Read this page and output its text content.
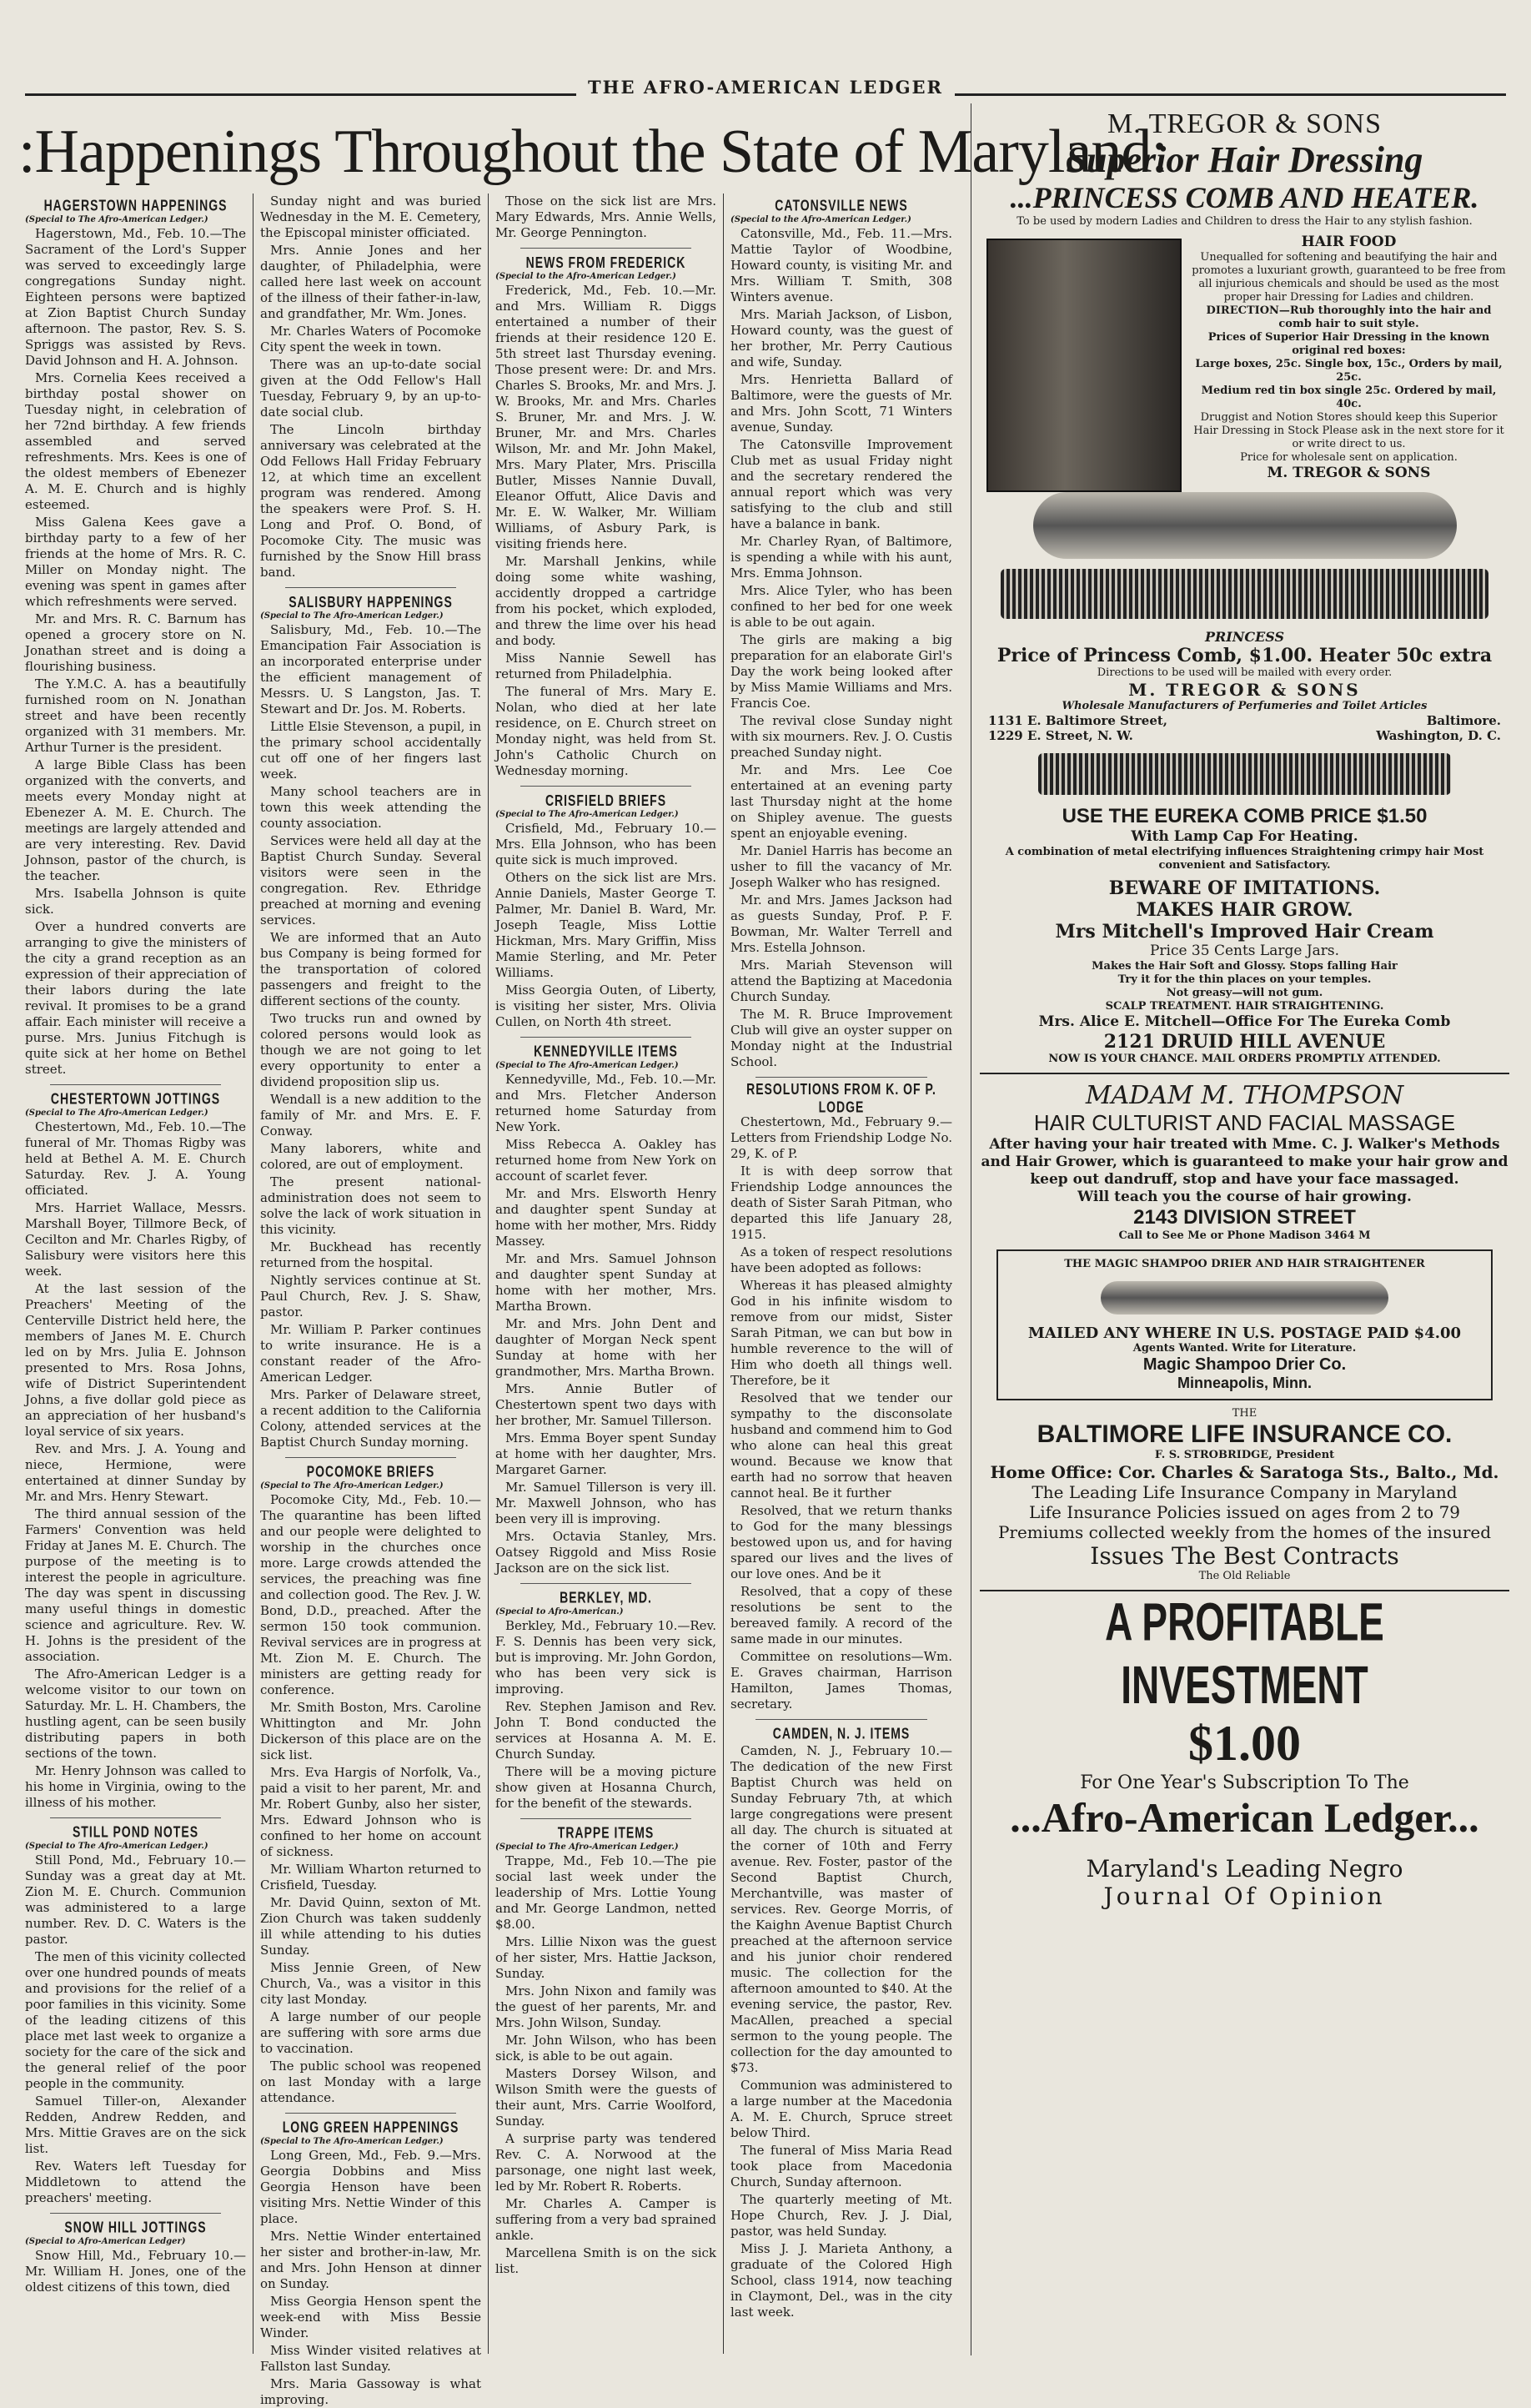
THE AFRO-AMERICAN LEDGER
:Happenings Throughout the State of Maryland:
HAGERSTOWN HAPPENINGS
(Special to The Afro-American Ledger.)

Hagerstown, Md., Feb. 10.—The Sacrament of the Lord's Supper was served to exceedingly large congregations Sunday night. Eighteen persons were baptized at Zion Baptist Church Sunday afternoon. The pastor, Rev. S. S. Spriggs was assisted by Revs. David Johnson and H. A. Johnson.

Mrs. Cornelia Kees received a birthday postal shower on Tuesday night, in celebration of her 72nd birthday. A few friends assembled and served refreshments. Mrs. Kees is one of the oldest members of Ebenezer A. M. E. Church and is highly esteemed.

Miss Galena Kees gave a birthday party to a few of her friends at the home of Mrs. R. C. Miller on Monday night. The evening was spent in games after which refreshments were served.

Mr. and Mrs. R. C. Barnum has opened a grocery store on N. Jonathan street and is doing a flourishing business.

The Y.M.C. A. has a beautifully furnished room on N. Jonathan street and have been recently organized with 31 members. Mr. Arthur Turner is the president.

A large Bible Class has been organized with the converts, and meets every Monday night at Ebenezer A. M. E. Church. The meetings are largely attended and are very interesting. Rev. David Johnson, pastor of the church, is the teacher.

Mrs. Isabella Johnson is quite sick.

Over a hundred converts are arranging to give the ministers of the city a grand reception as an expression of their appreciation of their labors during the late revival. It promises to be a grand affair. Each minister will receive a purse. Mrs. Junius Fitchugh is quite sick at her home on Bethel street.

CHESTERTOWN JOTTINGS
(Special to The Afro-American Ledger.)

Chestertown, Md., Feb. 10.—The funeral of Mr. Thomas Rigby was held at Bethel A. M. E. Church Saturday. Rev. J. A. Young officiated.

Mrs. Harriet Wallace, Messrs. Marshall Boyer, Tillmore Beck, of Cecilton and Mr. Charles Rigby, of Salisbury were visitors here this week.

At the last session of the Preachers' Meeting of the Centerville District held here, the members of Janes M. E. Church led on by Mrs. Julia E. Johnson presented to Mrs. Rosa Johns, wife of District Superintendent Johns, a five dollar gold piece as an appreciation of her husband's loyal service of six years.

Rev. and Mrs. J. A. Young and niece, Hermione, were entertained at dinner Sunday by Mr. and Mrs. Henry Stewart.

The third annual session of the Farmers' Convention was held Friday at Janes M. E. Church. The purpose of the meeting is to interest the people in agriculture. The day was spent in discussing many useful things in domestic science and agriculture. Rev. W. H. Johns is the president of the association.

The Afro-American Ledger is a welcome visitor to our town on Saturday. Mr. L. H. Chambers, the hustling agent, can be seen busily distributing papers in both sections of the town.

Mr. Henry Johnson was called to his home in Virginia, owing to the illness of his mother.

STILL POND NOTES
(Special to The Afro-American Ledger.)

Still Pond, Md., February 10.—Sunday was a great day at Mt. Zion M. E. Church. Communion was administered to a large number. Rev. D. C. Waters is the pastor.

The men of this vicinity collected over one hundred pounds of meats and provisions for the relief of a poor families in this vicinity. Some of the leading citizens of this place met last week to organize a society for the care of the sick and the general relief of the poor people in the community.

Samuel Tiller-on, Alexander Redden, Andrew Redden, and Mrs. Mittie Graves are on the sick list.

Rev. Waters left Tuesday for Middletown to attend the preachers' meeting.

SNOW HILL JOTTINGS
(Special to Afro-American Ledger)

Snow Hill, Md., February 10.—Mr. William H. Jones, one of the oldest citizens of this town, died

Sunday night and was buried Wednesday in the M. E. Cemetery, the Episcopal minister officiated.

Mrs. Annie Jones and her daughter, of Philadelphia, were called here last week on account of the illness of their father-in-law, and grandfather, Mr. Wm. Jones.

Mr. Charles Waters of Pocomoke City spent the week in town.

There was an up-to-date social given at the Odd Fellow's Hall Tuesday, February 9, by an up-to-date social club.

The Lincoln birthday anniversary was celebrated at the Odd Fellows Hall Friday February 12, at which time an excellent program was rendered. Among the speakers were Prof. S. H. Long and Prof. O. Bond, of Pocomoke City. The music was furnished by the Snow Hill brass band.

SALISBURY HAPPENINGS
(Special to The Afro-American Ledger.)

Salisbury, Md., Feb. 10.—The Emancipation Fair Association is an incorporated enterprise under the efficient management of Messrs. U. S Langston, Jas. T. Stewart and Dr. Jos. M. Roberts.

Little Elsie Stevenson, a pupil, in the primary school accidentally cut off one of her fingers last week.

Many school teachers are in town this week attending the county association.

Services were held all day at the Baptist Church Sunday. Several visitors were seen in the congregation. Rev. Ethridge preached at morning and evening services.

We are informed that an Auto bus Company is being formed for the transportation of colored passengers and freight to the different sections of the county.

Two trucks run and owned by colored persons would look as though we are not going to let every opportunity to enter a dividend proposition slip us.

Wendall is a new addition to the family of Mr. and Mrs. E. F. Conway.

Many laborers, white and colored, are out of employment.

The present national-administration does not seem to solve the lack of work situation in this vicinity.

Mr. Buckhead has recently returned from the hospital.

Nightly services continue at St. Paul Church, Rev. J. S. Shaw, pastor.

Mr. William P. Parker continues to write insurance. He is a constant reader of the Afro-American Ledger.

Mrs. Parker of Delaware street, a recent addition to the California Colony, attended services at the Baptist Church Sunday morning.

POCOMOKE BRIEFS
(Special to The Afro-American Ledger.)

Pocomoke City, Md., Feb. 10.—The quarantine has been lifted and our people were delighted to worship in the churches once more. Large crowds attended the services, the preaching was fine and collection good. The Rev. J. W. Bond, D.D., preached. After the sermon 150 took communion. Revival services are in progress at Mt. Zion M. E. Church. The ministers are getting ready for conference.

Mr. Smith Boston, Mrs. Caroline Whittington and Mr. John Dickerson of this place are on the sick list.

Mrs. Eva Hargis of Norfolk, Va., paid a visit to her parent, Mr. and Mr. Robert Gunby, also her sister, Mrs. Edward Johnson who is confined to her home on account of sickness.

Mr. William Wharton returned to Crisfield, Tuesday.

Mr. David Quinn, sexton of Mt. Zion Church was taken suddenly ill while attending to his duties Sunday.

Miss Jennie Green, of New Church, Va., was a visitor in this city last Monday.

A large number of our people are suffering with sore arms due to vaccination.

The public school was reopened on last Monday with a large attendance.

LONG GREEN HAPPENINGS
(Special to The Afro-American Ledger.)

Long Green, Md., Feb. 9.—Mrs. Georgia Dobbins and Miss Georgia Henson have been visiting Mrs. Nettie Winder of this place.

Mrs. Nettie Winder entertained her sister and brother-in-law, Mr. and Mrs. John Henson at dinner on Sunday.

Miss Georgia Henson spent the week-end with Miss Bessie Winder.

Miss Winder visited relatives at Fallston last Sunday.

Mrs. Maria Gassoway is what improving.

Those on the sick list are Mrs. Mary Edwards, Mrs. Annie Wells, Mr. George Pennington.

NEWS FROM FREDERICK
(Special to the Afro-American Ledger.)

Frederick, Md., Feb. 10.—Mr. and Mrs. William R. Diggs entertained a number of their friends at their residence 120 E. 5th street last Thursday evening. Those present were: Dr. and Mrs. Charles S. Brooks, Mr. and Mrs. J. W. Brooks, Mr. and Mrs. Charles S. Bruner, Mr. and Mrs. J. W. Bruner, Mr. and Mrs. Charles Wilson, Mr. and Mr. John Makel, Mrs. Mary Plater, Mrs. Priscilla Butler, Misses Nannie Duvall, Eleanor Offutt, Alice Davis and Mr. E. W. Walker, Mr. William Williams, of Asbury Park, is visiting friends here.

Mr. Marshall Jenkins, while doing some white washing, accidently dropped a cartridge from his pocket, which exploded, and threw the lime over his head and body.

Miss Nannie Sewell has returned from Philadelphia.

The funeral of Mrs. Mary E. Nolan, who died at her late residence, on E. Church street on Monday night, was held from St. John's Catholic Church on Wednesday morning.

CRISFIELD BRIEFS
(Special to The Afro-American Ledger.)

Crisfield, Md., February 10.—Mrs. Ella Johnson, who has been quite sick is much improved.

Others on the sick list are Mrs. Annie Daniels, Master George T. Palmer, Mr. Daniel B. Ward, Mr. Joseph Teagle, Miss Lottie Hickman, Mrs. Mary Griffin, Miss Mamie Sterling, and Mr. Peter Williams.

Miss Georgia Outen, of Liberty, is visiting her sister, Mrs. Olivia Cullen, on North 4th street.

KENNEDYVILLE ITEMS
(Special to The Afro-American Ledger.)

Kennedyville, Md., Feb. 10.—Mr. and Mrs. Fletcher Anderson returned home Saturday from New York.

Miss Rebecca A. Oakley has returned home from New York on account of scarlet fever.

Mr. and Mrs. Elsworth Henry and daughter spent Sunday at home with her mother, Mrs. Riddy Massey.

Mr. and Mrs. Samuel Johnson and daughter spent Sunday at home with her mother, Mrs. Martha Brown.

Mr. and Mrs. John Dent and daughter of Morgan Neck spent Sunday at home with her grandmother, Mrs. Martha Brown.

Mrs. Annie Butler of Chestertown spent two days with her brother, Mr. Samuel Tillerson.

Mrs. Emma Boyer spent Sunday at home with her daughter, Mrs. Margaret Garner.

Mr. Samuel Tillerson is very ill. Mr. Maxwell Johnson, who has been very ill is improving.

Mrs. Octavia Stanley, Mrs. Oatsey Riggold and Miss Rosie Jackson are on the sick list.

BERKLEY, MD.
(Special to Afro-American.)

Berkley, Md., February 10.—Rev. F. S. Dennis has been very sick, but is improving. Mr. John Gordon, who has been very sick is improving.

Rev. Stephen Jamison and Rev. John T. Bond conducted the services at Hosanna A. M. E. Church Sunday.

There will be a moving picture show given at Hosanna Church, for the benefit of the stewards.

TRAPPE ITEMS
(Special to The Afro-American Ledger.)

Trappe, Md., Feb 10.—The pie social last week under the leadership of Mrs. Lottie Young and Mr. George Landmon, netted $8.00.

Mrs. Lillie Nixon was the guest of her sister, Mrs. Hattie Jackson, Sunday.

Mrs. John Nixon and family was the guest of her parents, Mr. and Mrs. John Wilson, Sunday.

Mr. John Wilson, who has been sick, is able to be out again.

Masters Dorsey Wilson, and Wilson Smith were the guests of their aunt, Mrs. Carrie Woolford, Sunday.

A surprise party was tendered Rev. C. A. Norwood at the parsonage, one night last week, led by Mr. Robert R. Roberts.

Mr. Charles A. Camper is suffering from a very bad sprained ankle.

Marcellena Smith is on the sick list.

CATONSVILLE NEWS
(Special to the Afro-American Ledger.)

Catonsville, Md., Feb. 11.—Mrs. Mattie Taylor of Woodbine, Howard county, is visiting Mr. and Mrs. William T. Smith, 308 Winters avenue.

Mrs. Mariah Jackson, of Lisbon, Howard county, was the guest of her brother, Mr. Perry Cautious and wife, Sunday.

Mrs. Henrietta Ballard of Baltimore, were the guests of Mr. and Mrs. John Scott, 71 Winters avenue, Sunday.

The Catonsville Improvement Club met as usual Friday night and the secretary rendered the annual report which was very satisfying to the club and still have a balance in bank.

Mr. Charley Ryan, of Baltimore, is spending a while with his aunt, Mrs. Emma Johnson.

Mrs. Alice Tyler, who has been confined to her bed for one week is able to be out again.

The girls are making a big preparation for an elaborate Girl's Day the work being looked after by Miss Mamie Williams and Mrs. Francis Coe.

The revival close Sunday night with six mourners. Rev. J. O. Custis preached Sunday night.

Mr. and Mrs. Lee Coe entertained at an evening party last Thursday night at the home on Shipley avenue. The guests spent an enjoyable evening.

Mr. Daniel Harris has become an usher to fill the vacancy of Mr. Joseph Walker who has resigned.

Mr. and Mrs. James Jackson had as guests Sunday, Prof. P. F. Bowman, Mr. Walter Terrell and Mrs. Estella Johnson.

Mrs. Mariah Stevenson will attend the Baptizing at Macedonia Church Sunday.

The M. R. Bruce Improvement Club will give an oyster supper on Monday night at the Industrial School.

RESOLUTIONS FROM K. OF P. LODGE

Chestertown, Md., February 9.—Letters from Friendship Lodge No. 29, K. of P.

It is with deep sorrow that Friendship Lodge announces the death of Sister Sarah Pitman, who departed this life January 28, 1915.

As a token of respect resolutions have been adopted as follows:

Whereas it has pleased almighty God in his infinite wisdom to remove from our midst, Sister Sarah Pitman, we can but bow in humble reverence to the will of Him who doeth all things well. Therefore, be it

Resolved that we tender our sympathy to the disconsolate husband and commend him to God who alone can heal this great wound. Because we know that earth had no sorrow that heaven cannot heal. Be it further

Resolved, that we return thanks to God for the many blessings bestowed upon us, and for having spared our lives and the lives of our love ones. And be it

Resolved, that a copy of these resolutions be sent to the bereaved family. A record of the same made in our minutes.

Committee on resolutions—Wm. E. Graves chairman, Harrison Hamilton, James Thomas, secretary.

CAMDEN, N. J. ITEMS

Camden, N. J., February 10.—The dedication of the new First Baptist Church was held on Sunday February 7th, at which large congregations were present all day. The church is situated at the corner of 10th and Ferry avenue. Rev. Foster, pastor of the Second Baptist Church, Merchantville, was master of services. Rev. George Morris, of the Kaighn Avenue Baptist Church preached at the afternoon service and his junior choir rendered music. The collection for the afternoon amounted to $40. At the evening service, the pastor, Rev. MacAllen, preached a special sermon to the young people. The collection for the day amounted to $73.

Communion was administered to a large number at the Macedonia A. M. E. Church, Spruce street below Third.

The funeral of Miss Maria Read took place from Macedonia Church, Sunday afternoon.

The quarterly meeting of Mt. Hope Church, Rev. J. J. Dial, pastor, was held Sunday.

Miss J. J. Marieta Anthony, a graduate of the Colored High School, class 1914, now teaching in Claymont, Del., was in the city last week.

M. TREGOR & SONS
Superior Hair Dressing
...PRINCESS COMB AND HEATER.
To be used by modern Ladies and Children to dress the Hair to any stylish fashion.
HAIR FOOD
Unequalled for softening and beautifying the hair and promotes a luxuriant growth, guaranteed to be free from all injurious chemicals and should be used as the most proper hair Dressing for Ladies and children.
DIRECTION—Rub thoroughly into the hair and comb hair to suit style.
Prices of Superior Hair Dressing in the known original red boxes:
Large boxes, 25c. Single box, 15c., Orders by mail, 25c.
Medium red tin box single 25c. Ordered by mail, 40c.
Druggist and Notion Stores should keep this Superior Hair Dressing in Stock Please ask in the next store for it or write direct to us.
Price for wholesale sent on application.
M. TREGOR & SONS
PRINCESS
Price of Princess Comb, $1.00. Heater 50c extra
Directions to be used will be mailed with every order.
M. TREGOR & SONS
Wholesale Manufacturers of Perfumeries and Toilet Articles
1131 E. Baltimore Street,	Baltimore.
1229 E. Street, N. W.	Washington, D. C.
USE THE EUREKA COMB PRICE $1.50
With Lamp Cap For Heating.
A combination of metal electrifying influences Straightening crimpy hair Most convenient and Satisfactory.
BEWARE OF IMITATIONS.
MAKES HAIR GROW.
Mrs Mitchell's Improved Hair Cream
Price 35 Cents Large Jars.
Makes the Hair Soft and Glossy. Stops falling Hair
Try it for the thin places on your temples.
Not greasy—will not gum.
SCALP TREATMENT. HAIR STRAIGHTENING.
Mrs. Alice E. Mitchell—Office For The Eureka Comb
2121 DRUID HILL AVENUE
NOW IS YOUR CHANCE. MAIL ORDERS PROMPTLY ATTENDED.
MADAM M. THOMPSON
HAIR CULTURIST AND FACIAL MASSAGE
After having your hair treated with Mme. C. J. Walker's Methods and Hair Grower, which is guaranteed to make your hair grow and keep out dandruff, stop and have your face massaged.
Will teach you the course of hair growing.
2143 DIVISION STREET
Call to See Me or Phone Madison 3464 M
THE MAGIC SHAMPOO DRIER AND HAIR STRAIGHTENER
MAILED ANY WHERE IN U.S. POSTAGE PAID $4.00
Agents Wanted. Write for Literature.
Magic Shampoo Drier Co.
Minneapolis, Minn.
THE
BALTIMORE LIFE INSURANCE CO.
F. S. STROBRIDGE, President
Home Office: Cor. Charles & Saratoga Sts., Balto., Md.
The Leading Life Insurance Company in Maryland
Life Insurance Policies issued on ages from 2 to 79
Premiums collected weekly from the homes of the insured
Issues The Best Contracts
The Old Reliable
A PROFITABLE INVESTMENT
$1.00
For One Year's Subscription To The
...Afro-American Ledger...
Maryland's Leading Negro
Journal Of Opinion
